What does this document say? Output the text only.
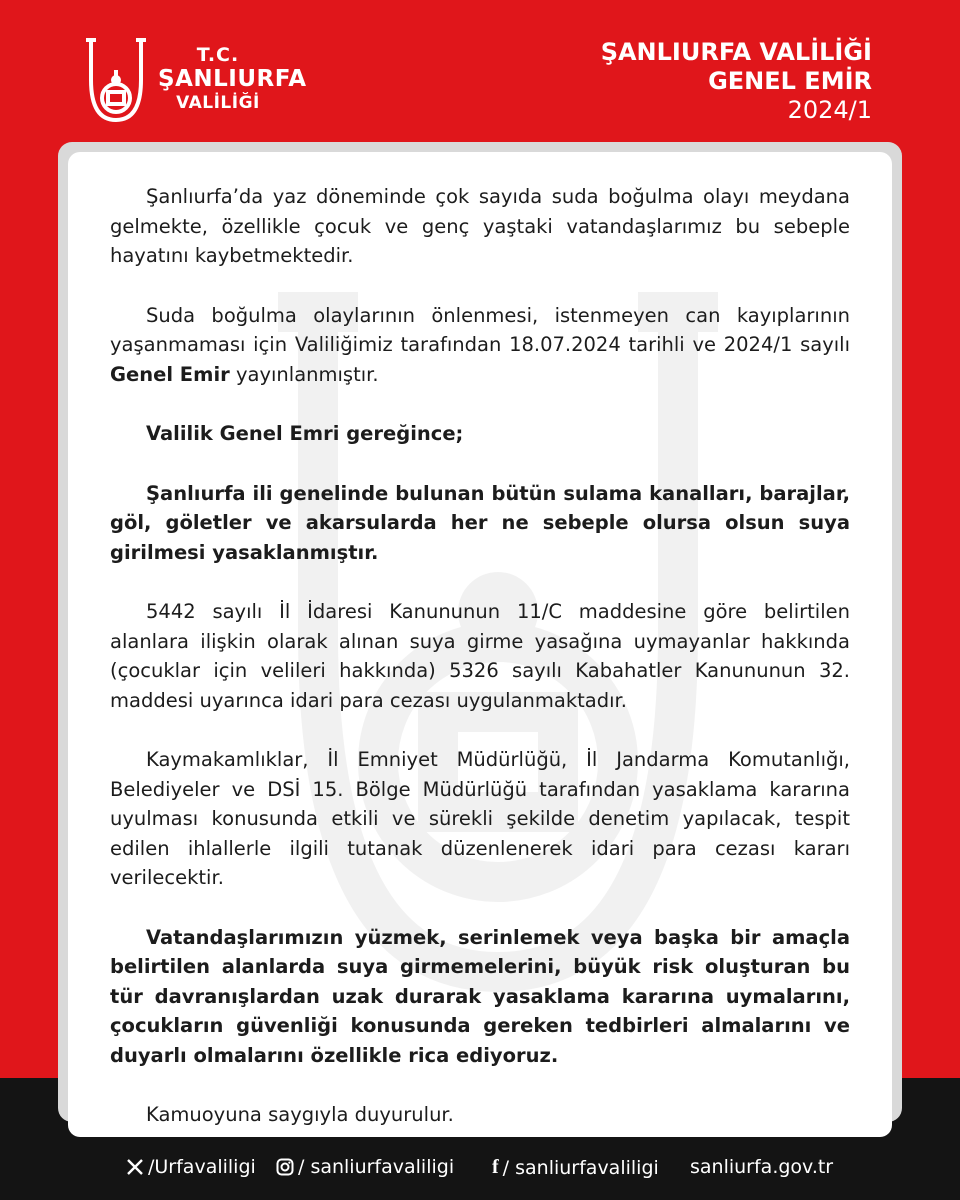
T.C.
ŞANLIURFA
VALİLİĞİ
ŞANLIURFA VALİLİĞİ
GENEL EMİR
2024/1

Şanlıurfa’da yaz döneminde çok sayıda suda boğulma olayı meydana gelmekte, özellikle çocuk ve genç yaştaki vatandaşlarımız bu sebeple hayatını kaybetmektedir.

Suda boğulma olaylarının önlenmesi, istenmeyen can kayıplarının yaşanmaması için Valiliğimiz tarafından 18.07.2024 tarihli ve 2024/1 sayılı Genel Emir yayınlanmıştır.

Valilik Genel Emri gereğince;

Şanlıurfa ili genelinde bulunan bütün sulama kanalları, barajlar, göl, göletler ve akarsularda her ne sebeple olursa olsun suya girilmesi yasaklanmıştır.

5442 sayılı İl İdaresi Kanununun 11/C maddesine göre belirtilen alanlara ilişkin olarak alınan suya girme yasağına uymayanlar hakkında (çocuklar için velileri hakkında) 5326 sayılı Kabahatler Kanununun 32. maddesi uyarınca idari para cezası uygulanmaktadır.

Kaymakamlıklar, İl Emniyet Müdürlüğü, İl Jandarma Komutanlığı, Belediyeler ve DSİ 15. Bölge Müdürlüğü tarafından yasaklama kararına uyulması konusunda etkili ve sürekli şekilde denetim yapılacak, tespit edilen ihlallerle ilgili tutanak düzenlenerek idari para cezası kararı verilecektir.

Vatandaşlarımızın yüzmek, serinlemek veya başka bir amaçla belirtilen alanlarda suya girmemelerini, büyük risk oluşturan bu tür davranışlardan uzak durarak yasaklama kararına uymalarını, çocukların güvenliği konusunda gereken tedbirleri almalarını ve duyarlı olmalarını özellikle rica ediyoruz.

Kamuoyuna saygıyla duyurulur.

/Urfavaliligi / sanliurfavaliligi f / sanliurfavaliligi sanliurfa.gov.tr
